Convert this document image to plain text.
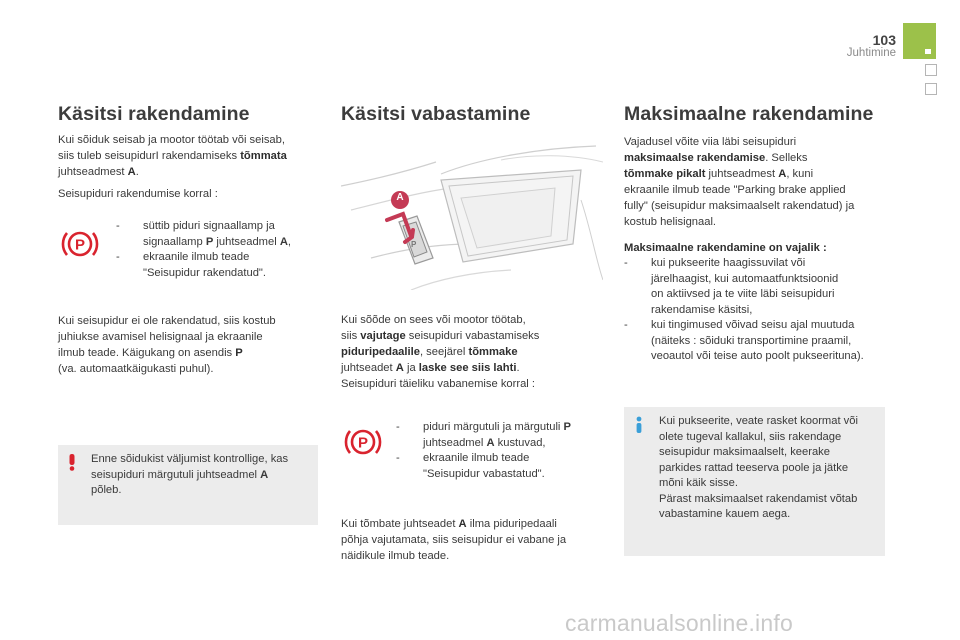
103
Juhtimine
Käsitsi rakendamine
Kui sõiduk seisab ja mootor töötab või seisab,
siis tuleb seisupidurI rakendamiseks tõmmata
juhtseadmest A.
Seisupiduri rakendumise korral :
P
- süttib piduri signaallamp ja
signaallamp P juhtseadmel A,
- ekraanile ilmub teade
"Seisupidur rakendatud".
Kui seisupidur ei ole rakendatud, siis kostub
juhiukse avamisel helisignaal ja ekraanile
ilmub teade. Käigukang on asendis P
(va. automaatkäigukasti puhul).
Enne sõidukist väljumist kontrollige, kas
seisupiduri märgutuli juhtseadmel A
põleb.
Käsitsi vabastamine
P
A
Kui sõõde on sees või mootor töötab,
siis vajutage seisupiduri vabastamiseks
piduripedaalile, seejärel tõmmake
juhtseadet A ja laske see siis lahti.
Seisupiduri täieliku vabanemise korral :
P
- piduri märgutuli ja märgutuli P
juhtseadmel A kustuvad,
- ekraanile ilmub teade
"Seisupidur vabastatud".
Kui tõmbate juhtseadet A ilma piduripedaali
põhja vajutamata, siis seisupidur ei vabane ja
näidikule ilmub teade.
Maksimaalne rakendamine
Vajadusel võite viia läbi seisupiduri
maksimaalse rakendamise. Selleks
tõmmake pikalt juhtseadmest A, kuni
ekraanile ilmub teade "Parking brake applied
fully" (seisupidur maksimaalselt rakendatud) ja
kostub helisignaal.
Maksimaalne rakendamine on vajalik :
- kui pukseerite haagissuvilat või
järelhaagist, kui automaatfunktsioonid
on aktiivsed ja te viite läbi seisupiduri
rakendamise käsitsi,
- kui tingimused võivad seisu ajal muutuda
(näiteks : sõiduki transportimine praamil,
veoautol või teise auto poolt pukseerituna).
Kui pukseerite, veate rasket koormat või
olete tugeval kallakul, siis rakendage
seisupidur maksimaalselt, keerake
parkides rattad teeserva poole ja jätke
mõni käik sisse.
Pärast maksimaalset rakendamist võtab
vabastamine kauem aega.
carmanualsonline.info
